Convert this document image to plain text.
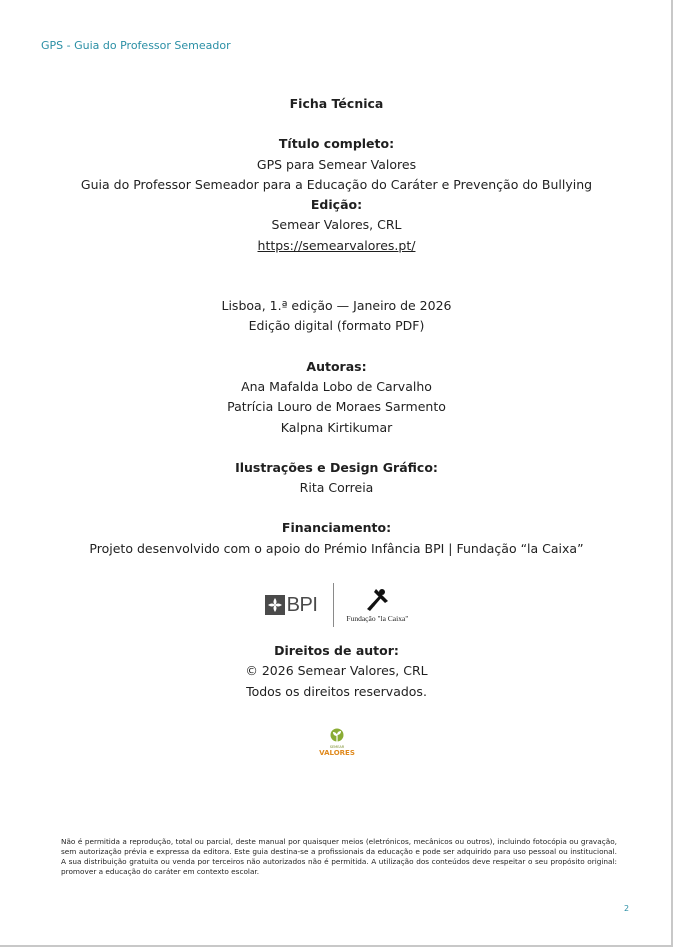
GPS - Guia do Professor Semeador
Ficha Técnica
Título completo:
GPS para Semear Valores
Guia do Professor Semeador para a Educação do Caráter e Prevenção do Bullying
Edição:
Semear Valores, CRL
https://semearvalores.pt/
Lisboa, 1.ª edição — Janeiro de 2026
Edição digital (formato PDF)
Autoras:
Ana Mafalda Lobo de Carvalho
Patrícia Louro de Moraes Sarmento
Kalpna Kirtikumar
Ilustrações e Design Gráfico:
Rita Correia
Financiamento:
Projeto desenvolvido com o apoio do Prémio Infância BPI | Fundação “la Caixa”
BPI
Fundação "la Caixa"
Direitos de autor:
© 2026 Semear Valores, CRL
Todos os direitos reservados.
SEMEAR
VALORES
Não é permitida a reprodução, total ou parcial, deste manual por quaisquer meios (eletrónicos, mecânicos ou outros), incluindo fotocópia ou gravação, sem autorização prévia e expressa da editora. Este guia destina-se a profissionais da educação e pode ser adquirido para uso pessoal ou institucional. A sua distribuição gratuita ou venda por terceiros não autorizados não é permitida. A utilização dos conteúdos deve respeitar o seu propósito original: promover a educação do caráter em contexto escolar.
2
